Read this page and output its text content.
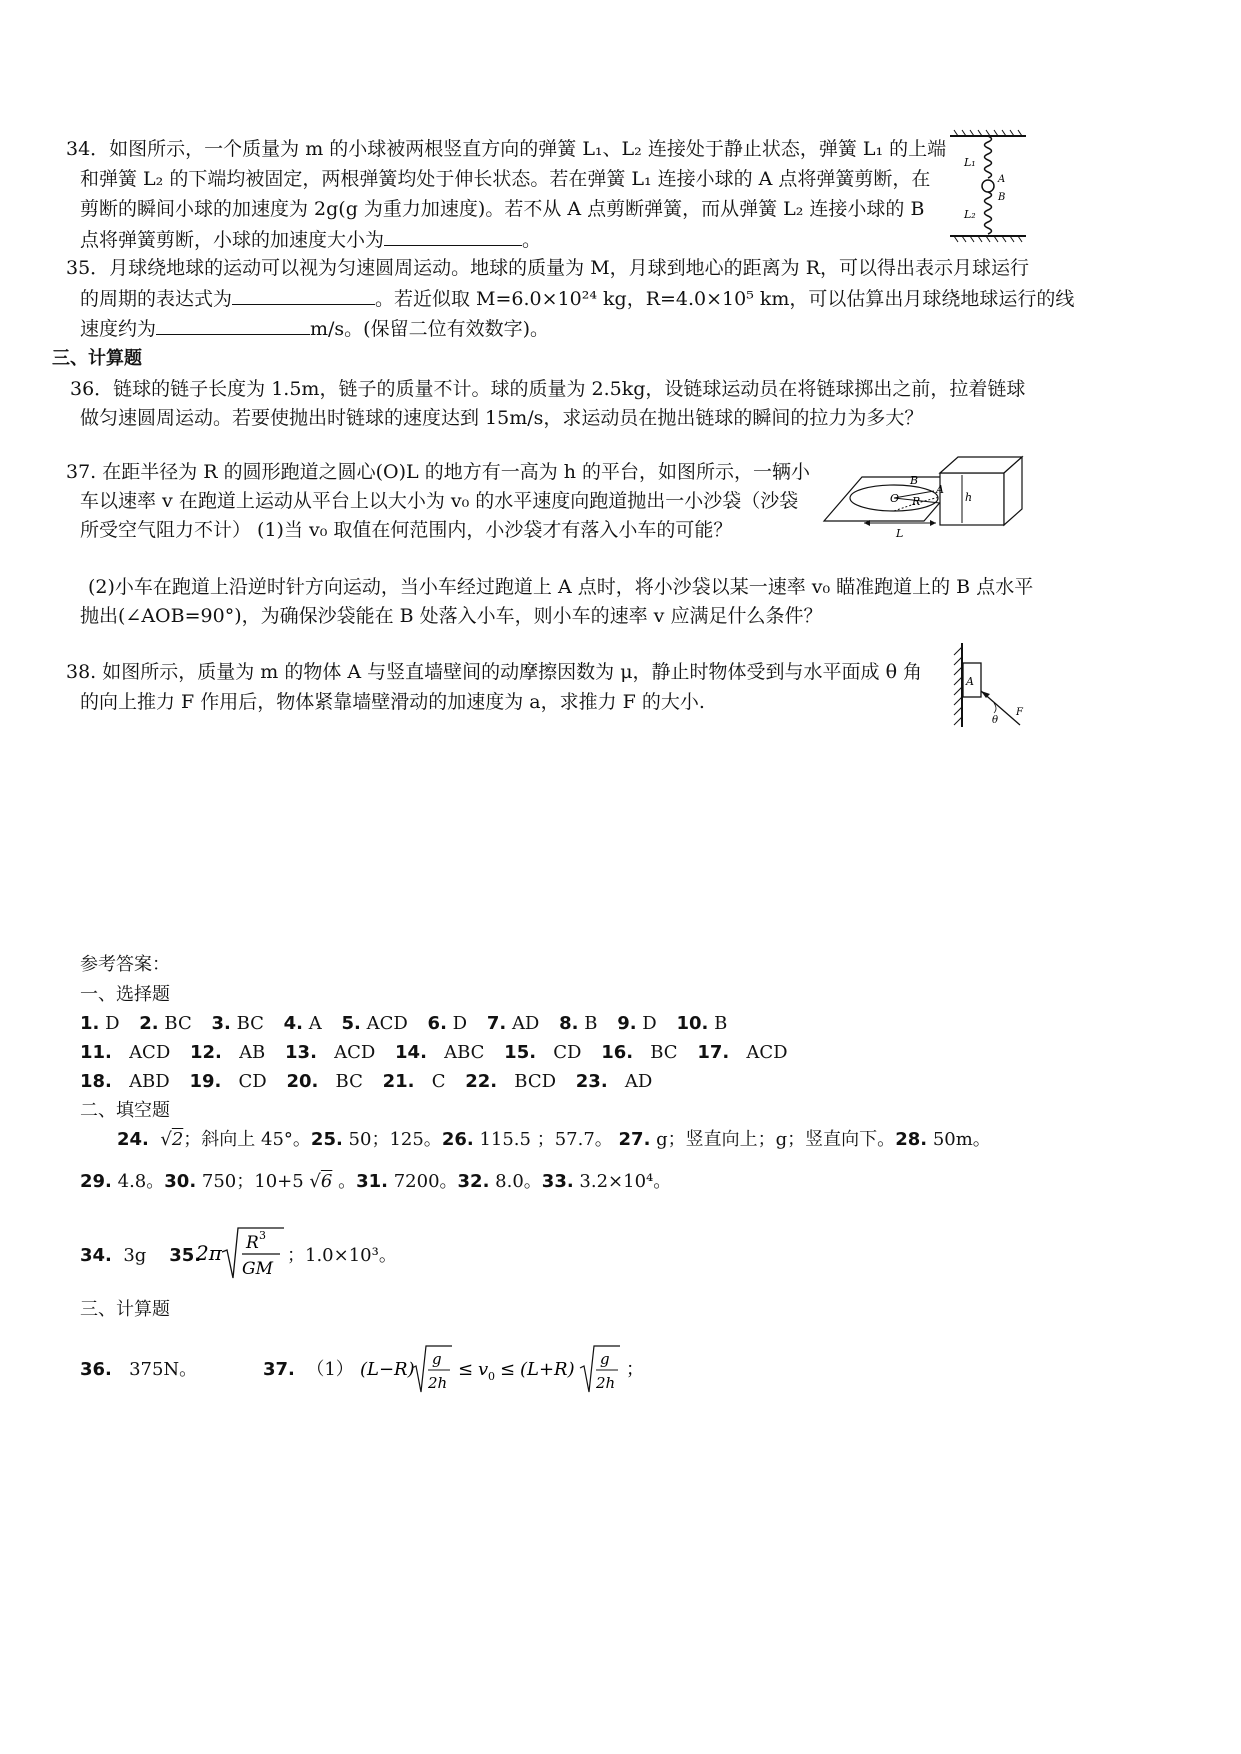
34．如图所示，一个质量为 m 的小球被两根竖直方向的弹簧 L₁、L₂ 连接处于静止状态，弹簧 L₁ 的上端
和弹簧 L₂ 的下端均被固定，两根弹簧均处于伸长状态。若在弹簧 L₁ 连接小球的 A 点将弹簧剪断，在
剪断的瞬间小球的加速度为 2g(g 为重力加速度)。若不从 A 点剪断弹簧，而从弹簧 L₂ 连接小球的 B
点将弹簧剪断，小球的加速度大小为	。
L₁
A
B
L₂
35．月球绕地球的运动可以视为匀速圆周运动。地球的质量为 M，月球到地心的距离为 R，可以得出表示月球运行
的周期的表达式为	。若近似取 M=6.0×10²⁴ kg，R=4.0×10⁵ km，可以估算出月球绕地球运行的线
速度约为	m/s。(保留二位有效数字)。
三、计算题
36．链球的链子长度为 1.5m，链子的质量不计。球的质量为 2.5kg，设链球运动员在将链球掷出之前，拉着链球
做匀速圆周运动。若要使抛出时链球的速度达到 15m/s，求运动员在抛出链球的瞬间的拉力为多大？
37. 在距半径为 R 的圆形跑道之圆心(O)L 的地方有一高为 h 的平台，如图所示，一辆小
车以速率 v 在跑道上运动从平台上以大小为 v₀ 的水平速度向跑道抛出一小沙袋（沙袋
所受空气阻力不计） (1)当 v₀ 取值在何范围内，小沙袋才有落入小车的可能？
(2)小车在跑道上沿逆时针方向运动，当小车经过跑道上 A 点时，将小沙袋以某一速率 v₀ 瞄准跑道上的 B 点水平
抛出(∠AOB=90°)，为确保沙袋能在 B 处落入小车，则小车的速率 v 应满足什么条件？
B
O R
A
h
L
38. 如图所示，质量为 m 的物体 A 与竖直墙壁间的动摩擦因数为 μ，静止时物体受到与水平面成 θ 角
的向上推力 F 作用后，物体紧靠墙壁滑动的加速度为 a，求推力 F 的大小.
A
θ
F
参考答案：
一、选择题
1. D 2. BC 3. BC 4. A 5. ACD 6. D 7. AD 8. B 9. D 10. B
11. ACD 12. AB 13. ACD 14. ABC 15. CD 16. BC 17. ACD
18. ABD 19. CD 20. BC 21. C 22. BCD 23. AD
二、填空题
24. √2；斜向上 45°。25. 50；125。26. 115.5 ；57.7。 27. g；竖直向上；g；竖直向下。28. 50m。
29. 4.8。30. 750；10+5 √6 。31. 7200。32. 8.0。33. 3.2×10⁴。
34. 3g 35.
2π R 3
GM
；1.0×10³。
三、计算题
36. 375N。	37. （1） (L−R) g
2h
≤ v 0 ≤ (L+R) g
2h
；
